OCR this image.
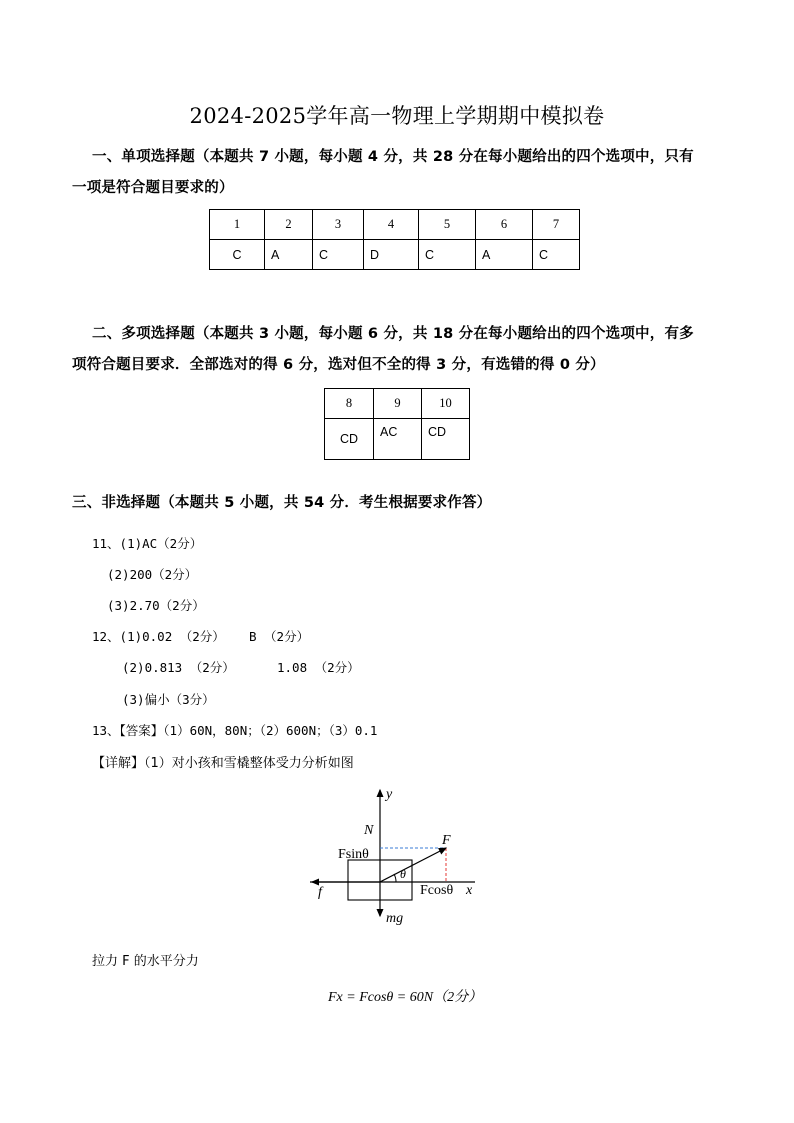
2024-2025学年高一物理上学期期中模拟卷
一、单项选择题（本题共 7 小题，每小题 4 分，共 28 分在每小题给出的四个选项中，只有
一项是符合题目要求的）
1	2	3	4	5	6	7
C	A	C	D	C	A	C
二、多项选择题（本题共 3 小题，每小题 6 分，共 18 分在每小题给出的四个选项中，有多
项符合题目要求．全部选对的得 6 分，选对但不全的得 3 分，有选错的得 0 分）
8	9	10
CD	AC	CD
三、非选择题（本题共 5 小题，共 54 分．考生根据要求作答）
11、(1)AC（2分）
(2)200（2分）
(3)2.70（2分）
12、(1)0.02 （2分） B （2分）
(2)0.813 （2分）	1.08 （2分）
(3)偏小（3分）
13、【答案】（1）60N，80N；（2）600N；（3）0.1
【详解】（1）对小孩和雪橇整体受力分析如图
y
N
F
Fsinθ
θ
f	Fcosθ x
mg
拉力 F 的水平分力
Fx = Fcosθ = 60N（2分）
